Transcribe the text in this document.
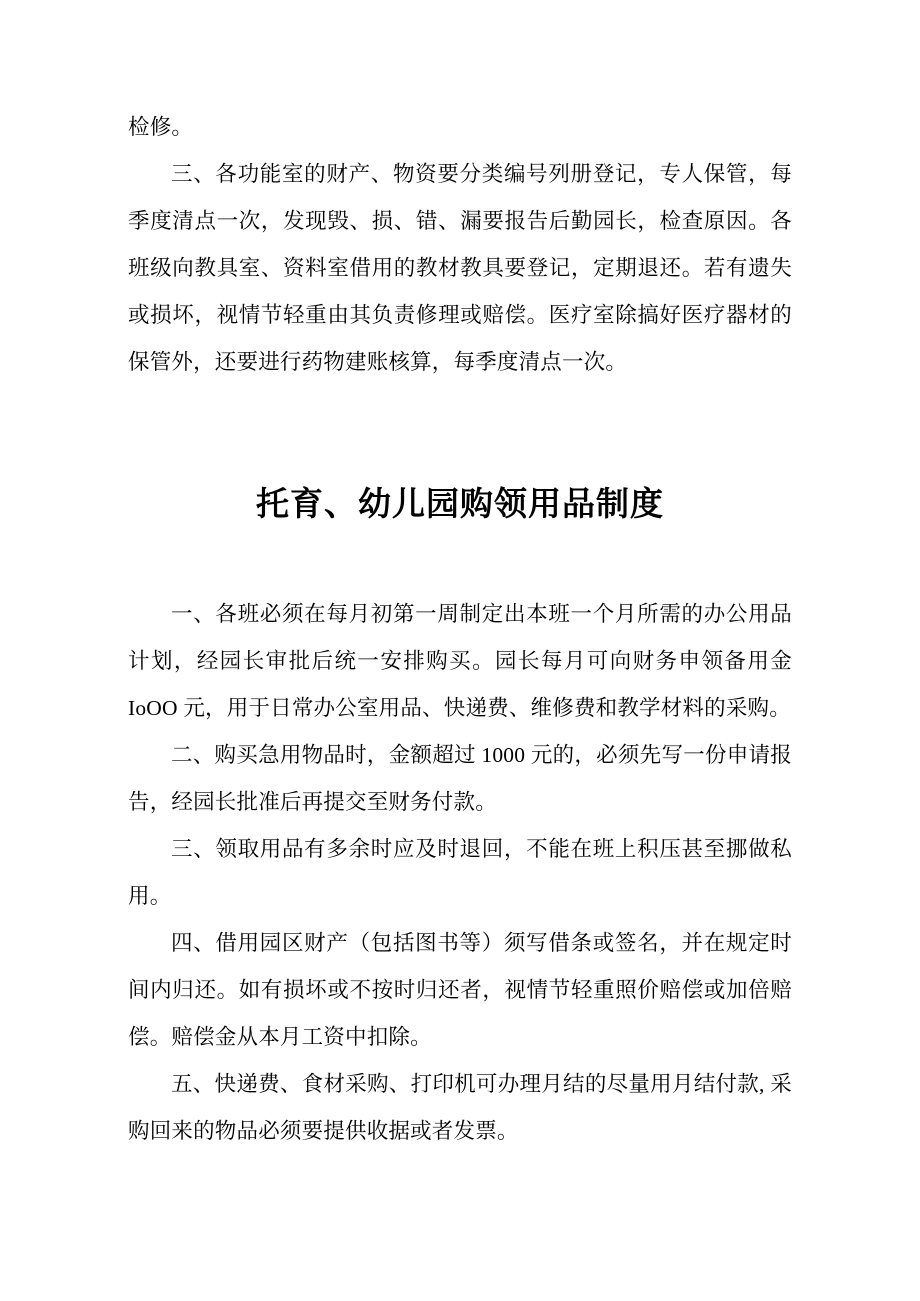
检修。

三、各功能室的财产、物资要分类编号列册登记，专人保管，每季度清点一次，发现毁、损、错、漏要报告后勤园长，检查原因。各班级向教具室、资料室借用的教材教具要登记，定期退还。若有遗失或损坏，视情节轻重由其负责修理或赔偿。医疗室除搞好医疗器材的保管外，还要进行药物建账核算，每季度清点一次。

托育、幼儿园购领用品制度

一、各班必须在每月初第一周制定出本班一个月所需的办公用品计划，经园长审批后统一安排购买。园长每月可向财务申领备用金 IoOO 元，用于日常办公室用品、快递费、维修费和教学材料的采购。

二、购买急用物品时，金额超过 1000 元的，必须先写一份申请报告，经园长批准后再提交至财务付款。

三、领取用品有多余时应及时退回，不能在班上积压甚至挪做私用。

四、借用园区财产（包括图书等）须写借条或签名，并在规定时间内归还。如有损坏或不按时归还者，视情节轻重照价赔偿或加倍赔偿。赔偿金从本月工资中扣除。

五、快递费、食材采购、打印机可办理月结的尽量用月结付款, 采购回来的物品必须要提供收据或者发票。
